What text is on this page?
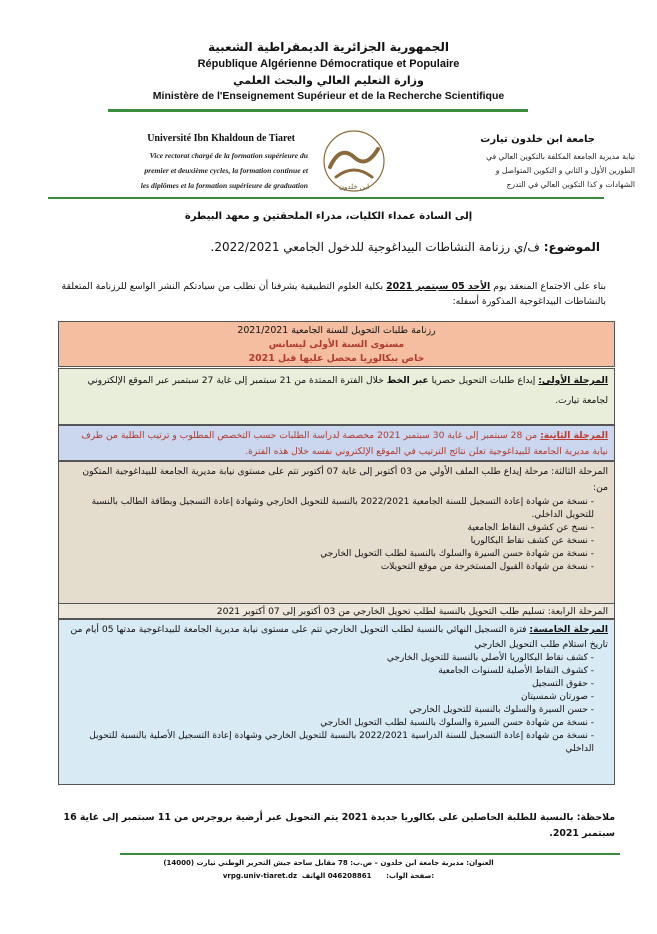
الجمهورية الجزائرية الديمقراطية الشعبية
République Algérienne Démocratique et Populaire
وزارة التعليم العالي والبحث العلمي
Ministère de l'Enseignement Supérieur et de la Recherche Scientifique
Université Ibn Khaldoun de Tiaret
Vice rectorat chargé de la formation supérieure du
premier et deuxième cycles, la formation continue et
les diplômes et la formation supérieure de graduation	ابن خلدون
جامعة ابن خلدون تيارت
نيابة مديرية الجامعة المكلفة بالتكوين العالي في
الطورين الأول و الثاني و التكوين المتواصل و
الشهادات و كذا التكوين العالي في التدرج
إلى السادة عمداء الكليات، مدراء الملحقتين و معهد البيطرة
الموضوع: ف/ي رزنامة النشاطات البيداغوجية للدخول الجامعي 2022/2021.
بناء على الاجتماع المنعقد يوم الأحد 05 سبتمبر 2021 بكلية العلوم التطبيقية يشرفنا أن نطلب من سيادتكم النشر الواسع للرزنامة المتعلقة بالنشاطات البيداغوجية المذكورة أسفله:
رزنامة طلبات التحويل للسنة الجامعية 2021/2021
مستوى السنة الأولى ليسانس
خاص ببكالوريا محصل عليها قبل 2021
المرحلة الأولى: إيداع طلبات التحويل حصريا عبر الخط خلال الفترة الممتدة من 21 سبتمبر إلى غاية 27 سبتمبر عبر الموقع الإلكتروني لجامعة تيارت.
المرحلة الثانية: من 28 سبتمبر إلى غاية 30 سبتمبر 2021 مخصصة لدراسة الطلبات حسب التخصص المطلوب و ترتيب الطلبة من طرف نيابة مديرية الجامعة للبيداغوجية تعلن نتائج الترتيب في الموقع الإلكتروني نفسه خلال هذه الفترة.
المرحلة الثالثة: مرحلة إيداع طلب الملف الأولي من 03 أكتوبر إلى غاية 07 أكتوبر تتم على مستوى نيابة مديرية الجامعة للبيداغوجية المتكون من:
- نسخة من شهادة إعادة التسجيل للسنة الجامعية 2022/2021 بالنسبة للتحويل الخارجي وشهادة إعادة التسجيل وبطاقة الطالب بالنسبة للتحويل الداخلي.
- نسخ عن كشوف النقاط الجامعية
- نسخة عن كشف نقاط البكالوريا
- نسخة من شهادة حسن السيرة والسلوك بالنسبة لطلب التحويل الخارجي
- نسخة من شهادة القبول المستخرجة من موقع التحويلات
المرحلة الرابعة: تسليم طلب التحويل بالنسبة لطلب تحويل الخارجي من 03 أكتوبر إلى 07 أكتوبر 2021
المرحلة الخامسة: فترة التسجيل النهائي بالنسبة لطلب التحويل الخارجي تتم على مستوى نيابة مديرية الجامعة للبيداغوجية مدتها 05 أيام من تاريخ استلام طلب التحويل الخارجي
- كشف نقاط البكالوريا الأصلي بالنسبة للتحويل الخارجي
- كشوف النقاط الأصلية للسنوات الجامعية
- حقوق التسجيل
- صورتان شمسيتان
- حسن السيرة والسلوك بالنسبة للتحويل الخارجي
- نسخة من شهادة حسن السيرة والسلوك بالنسبة لطلب التحويل الخارجي
- نسخة من شهادة إعادة التسجيل للسنة الدراسية 2022/2021 بالنسبة للتحويل الخارجي وشهادة إعادة التسجيل الأصلية بالنسبة للتحويل الداخلي
ملاحظة: بالنسبة للطلبة الحاصلين على بكالوريا جديدة 2021 يتم التحويل عبر أرضية بروجرس من 11 سبتمبر إلى غاية 16 سبتمبر 2021.
العنوان: مديرية جامعة ابن خلدون – ص.ب: 78 مقابل ساحة جيش التحرير الوطني تيارت (14000)
vrpg.univ-tiaret.dz	صفحة الواب:      046208861 الهاتف:
